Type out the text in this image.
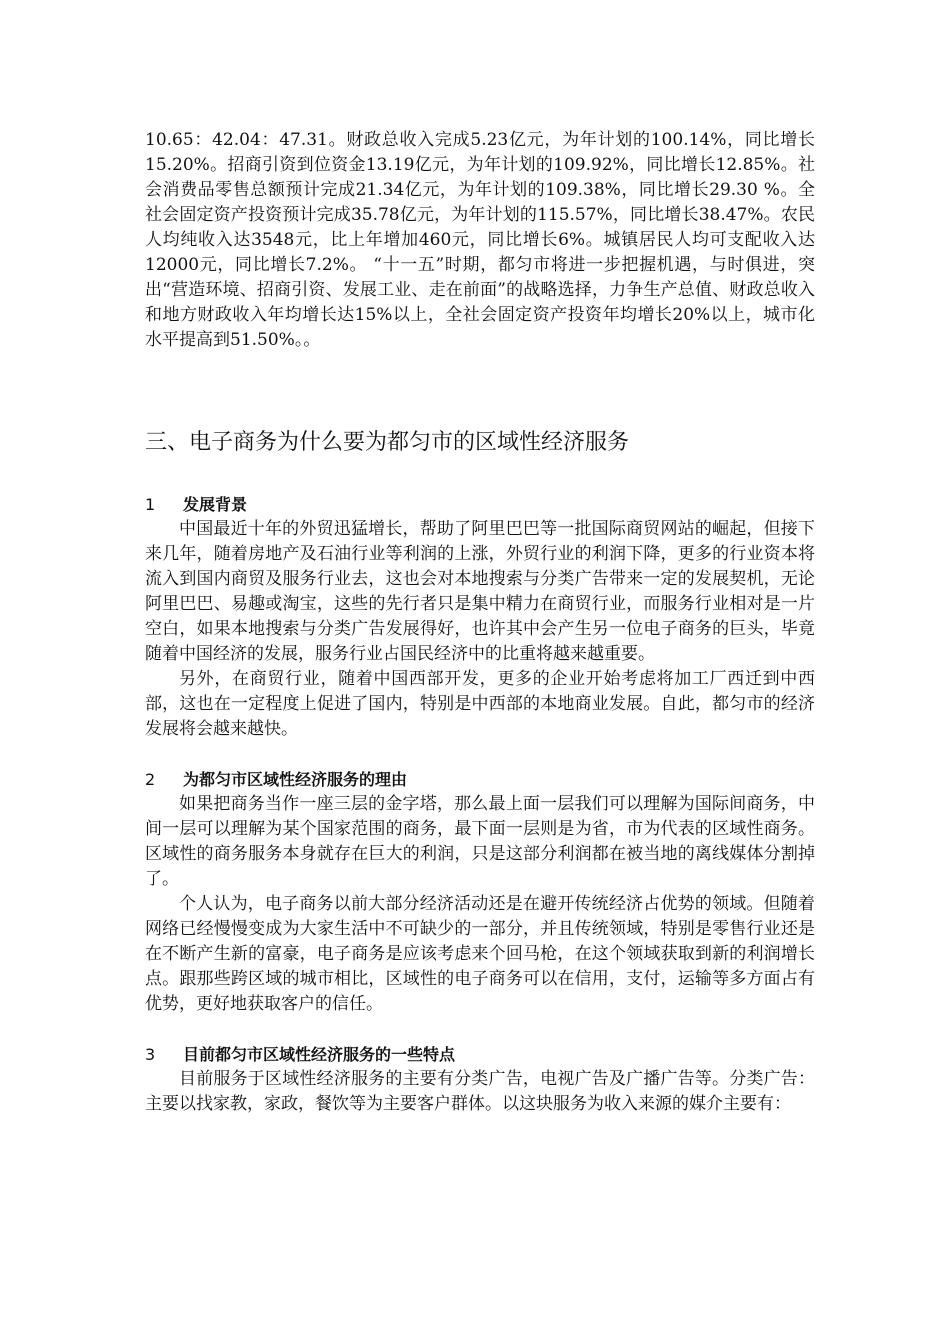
10.65：42.04：47.31。财政总收入完成5.23亿元，为年计划的100.14%，同比增长15.20%。招商引资到位资金13.19亿元，为年计划的109.92%，同比增长12.85%。社会消费品零售总额预计完成21.34亿元，为年计划的109.38%，同比增长29.30 %。全社会固定资产投资预计完成35.78亿元，为年计划的115.57%，同比增长38.47%。农民人均纯收入达3548元，比上年增加460元，同比增长6%。城镇居民人均可支配收入达12000元，同比增长7.2%。 “十一五”时期，都匀市将进一步把握机遇，与时俱进，突出“营造环境、招商引资、发展工业、走在前面”的战略选择，力争生产总值、财政总收入和地方财政收入年均增长达15%以上，全社会固定资产投资年均增长20%以上，城市化水平提高到51.50%。。

三、电子商务为什么要为都匀市的区域性经济服务
1 发展背景

中国最近十年的外贸迅猛增长，帮助了阿里巴巴等一批国际商贸网站的崛起，但接下来几年，随着房地产及石油行业等利润的上涨，外贸行业的利润下降，更多的行业资本将流入到国内商贸及服务行业去，这也会对本地搜索与分类广告带来一定的发展契机，无论阿里巴巴、易趣或淘宝，这些的先行者只是集中精力在商贸行业，而服务行业相对是一片空白，如果本地搜索与分类广告发展得好，也许其中会产生另一位电子商务的巨头，毕竟随着中国经济的发展，服务行业占国民经济中的比重将越来越重要。

另外，在商贸行业，随着中国西部开发，更多的企业开始考虑将加工厂西迁到中西部，这也在一定程度上促进了国内，特别是中西部的本地商业发展。自此，都匀市的经济发展将会越来越快。

2 为都匀市区域性经济服务的理由

如果把商务当作一座三层的金字塔，那么最上面一层我们可以理解为国际间商务，中间一层可以理解为某个国家范围的商务，最下面一层则是为省，市为代表的区域性商务。区域性的商务服务本身就存在巨大的利润，只是这部分利润都在被当地的离线媒体分割掉了。

个人认为，电子商务以前大部分经济活动还是在避开传统经济占优势的领域。但随着网络已经慢慢变成为大家生活中不可缺少的一部分，并且传统领域，特别是零售行业还是在不断产生新的富豪，电子商务是应该考虑来个回马枪，在这个领域获取到新的利润增长点。跟那些跨区域的城市相比，区域性的电子商务可以在信用，支付，运输等多方面占有优势，更好地获取客户的信任。

3 目前都匀市区域性经济服务的一些特点

目前服务于区域性经济服务的主要有分类广告，电视广告及广播广告等。分类广告：主要以找家教，家政，餐饮等为主要客户群体。以这块服务为收入来源的媒介主要有：
